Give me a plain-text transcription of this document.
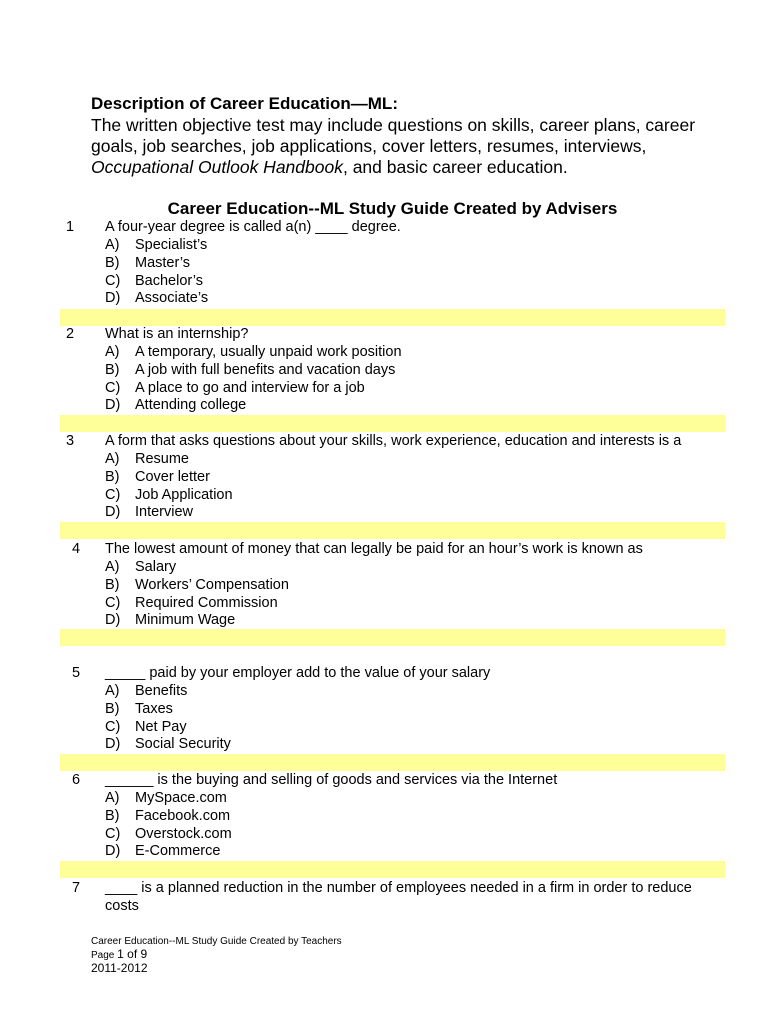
Description of Career Education—ML:

The written objective test may include questions on skills, career plans, career goals, job searches, job applications, cover letters, resumes, interviews, Occupational Outlook Handbook, and basic career education.

Career Education--ML Study Guide Created by Advisers
1	A four-year degree is called a(n) ____ degree.
A) Specialist’s
B) Master’s
C) Bachelor’s
D) Associate’s
2	What is an internship?
A) A temporary, usually unpaid work position
B) A job with full benefits and vacation days
C) A place to go and interview for a job
D) Attending college
3	A form that asks questions about your skills, work experience, education and interests is a
A) Resume
B) Cover letter
C) Job Application
D) Interview
4	The lowest amount of money that can legally be paid for an hour’s work is known as
A) Salary
B) Workers’ Compensation
C) Required Commission
D) Minimum Wage
5	_____ paid by your employer add to the value of your salary
A) Benefits
B) Taxes
C) Net Pay
D) Social Security
6	______ is the buying and selling of goods and services via the Internet
A) MySpace.com
B) Facebook.com
C) Overstock.com
D) E-Commerce
7	____ is a planned reduction in the number of employees needed in a firm in order to reduce costs
Career Education--ML Study Guide Created by Teachers
Page 1 of 9
2011-2012
